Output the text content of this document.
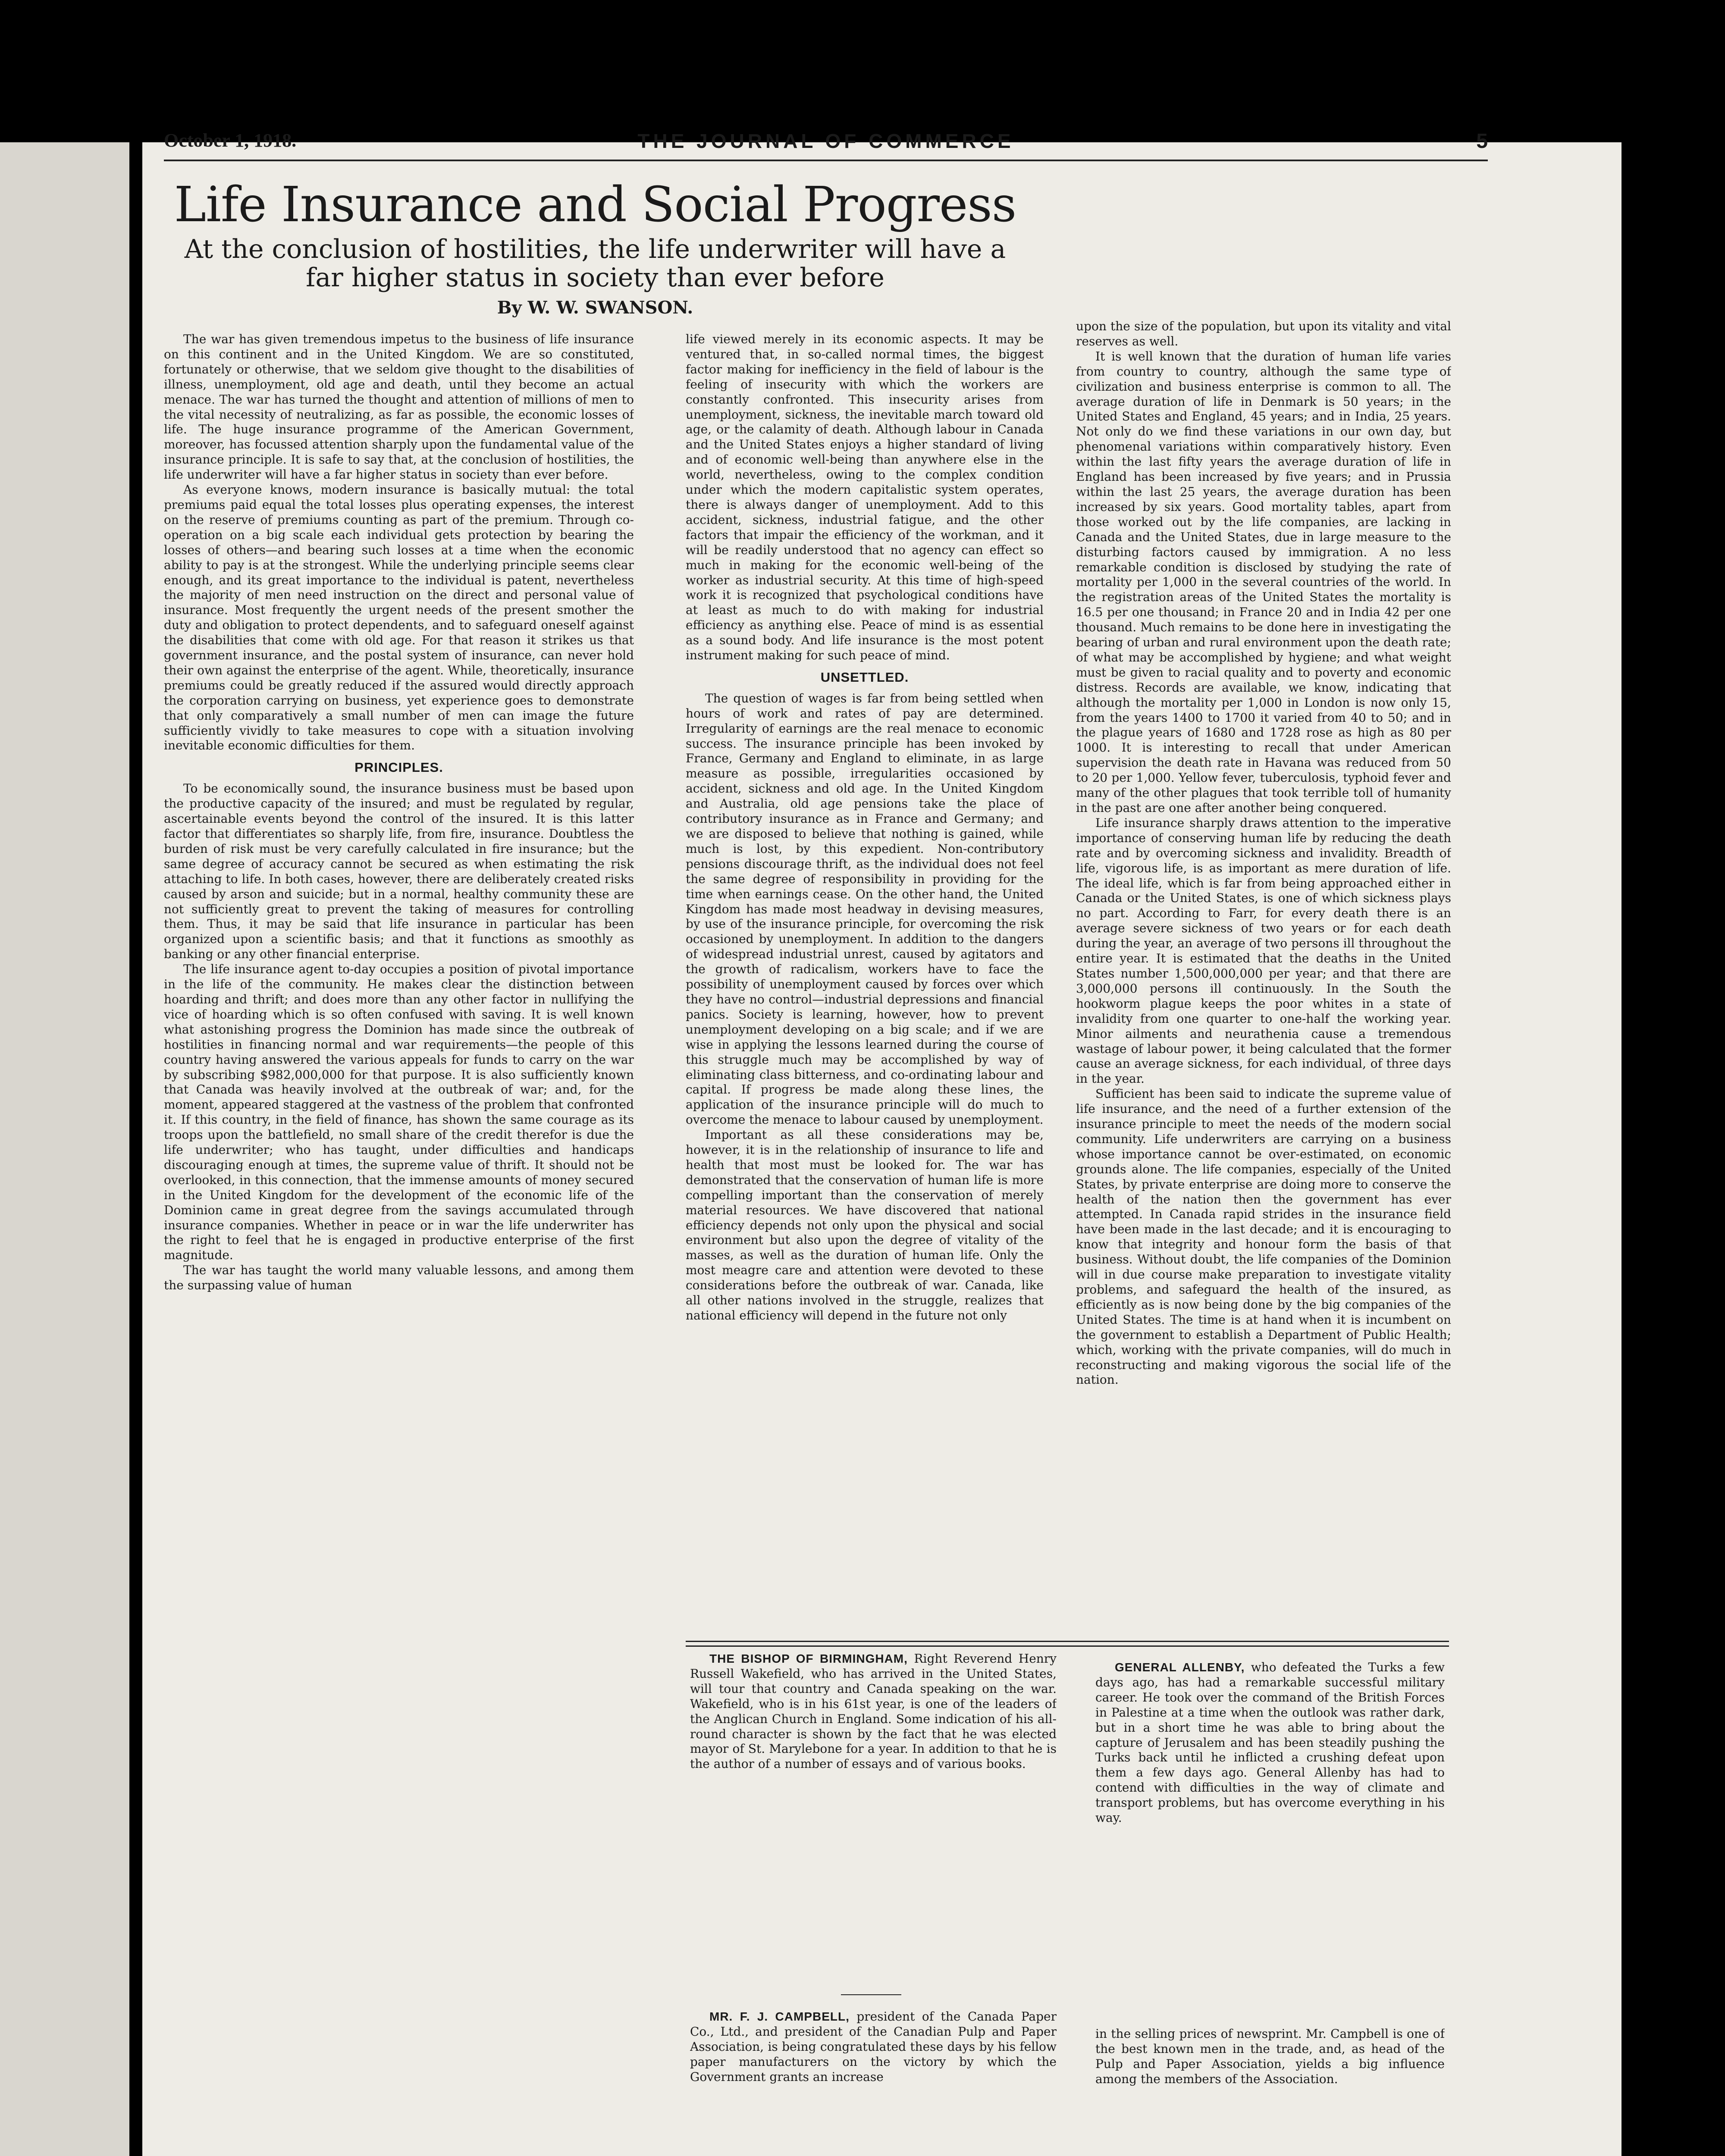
October 1, 1918.	THE JOURNAL OF COMMERCE	5
Life Insurance and Social Progress
At the conclusion of hostilities, the life underwriter will have a far higher status in society than ever before
By W. W. SWANSON.

The war has given tremendous impetus to the business of life insurance on this continent and in the United Kingdom. We are so constituted, fortunately or otherwise, that we seldom give thought to the disabilities of illness, unemployment, old age and death, until they become an actual menace. The war has turned the thought and attention of millions of men to the vital necessity of neutralizing, as far as possible, the economic losses of life. The huge insurance programme of the American Government, moreover, has focussed attention sharply upon the fundamental value of the insurance principle. It is safe to say that, at the conclusion of hostilities, the life underwriter will have a far higher status in society than ever before.

As everyone knows, modern insurance is basically mutual: the total premiums paid equal the total losses plus operating expenses, the interest on the reserve of premiums counting as part of the premium. Through co-operation on a big scale each individual gets protection by bearing the losses of others—and bearing such losses at a time when the economic ability to pay is at the strongest. While the underlying principle seems clear enough, and its great importance to the individual is patent, nevertheless the majority of men need instruction on the direct and personal value of insurance. Most frequently the urgent needs of the present smother the duty and obligation to protect dependents, and to safeguard oneself against the disabilities that come with old age. For that reason it strikes us that government insurance, and the postal system of insurance, can never hold their own against the enterprise of the agent. While, theoretically, insurance premiums could be greatly reduced if the assured would directly approach the corporation carrying on business, yet experience goes to demonstrate that only comparatively a small number of men can image the future sufficiently vividly to take measures to cope with a situation involving inevitable economic difficulties for them.

PRINCIPLES.

To be economically sound, the insurance business must be based upon the productive capacity of the insured; and must be regulated by regular, ascertainable events beyond the control of the insured. It is this latter factor that differentiates so sharply life, from fire, insurance. Doubtless the burden of risk must be very carefully calculated in fire insurance; but the same degree of accuracy cannot be secured as when estimating the risk attaching to life. In both cases, however, there are deliberately created risks caused by arson and suicide; but in a normal, healthy community these are not sufficiently great to prevent the taking of measures for controlling them. Thus, it may be said that life insurance in particular has been organized upon a scientific basis; and that it functions as smoothly as banking or any other financial enterprise.

The life insurance agent to-day occupies a position of pivotal importance in the life of the community. He makes clear the distinction between hoarding and thrift; and does more than any other factor in nullifying the vice of hoarding which is so often confused with saving. It is well known what astonishing progress the Dominion has made since the outbreak of hostilities in financing normal and war requirements—the people of this country having answered the various appeals for funds to carry on the war by subscribing $982,000,000 for that purpose. It is also sufficiently known that Canada was heavily involved at the outbreak of war; and, for the moment, appeared staggered at the vastness of the problem that confronted it. If this country, in the field of finance, has shown the same courage as its troops upon the battlefield, no small share of the credit therefor is due the life underwriter; who has taught, under difficulties and handicaps discouraging enough at times, the supreme value of thrift. It should not be overlooked, in this connection, that the immense amounts of money secured in the United Kingdom for the development of the economic life of the Dominion came in great degree from the savings accumulated through insurance companies. Whether in peace or in war the life underwriter has the right to feel that he is engaged in productive enterprise of the first magnitude.

The war has taught the world many valuable lessons, and among them the surpassing value of human

life viewed merely in its economic aspects. It may be ventured that, in so-called normal times, the biggest factor making for inefficiency in the field of labour is the feeling of insecurity with which the workers are constantly confronted. This insecurity arises from unemployment, sickness, the inevitable march toward old age, or the calamity of death. Although labour in Canada and the United States enjoys a higher standard of living and of economic well-being than anywhere else in the world, nevertheless, owing to the complex condition under which the modern capitalistic system operates, there is always danger of unemployment. Add to this accident, sickness, industrial fatigue, and the other factors that impair the efficiency of the workman, and it will be readily understood that no agency can effect so much in making for the economic well-being of the worker as industrial security. At this time of high-speed work it is recognized that psychological conditions have at least as much to do with making for industrial efficiency as anything else. Peace of mind is as essential as a sound body. And life insurance is the most potent instrument making for such peace of mind.

UNSETTLED.

The question of wages is far from being settled when hours of work and rates of pay are determined. Irregularity of earnings are the real menace to economic success. The insurance principle has been invoked by France, Germany and England to eliminate, in as large measure as possible, irregularities occasioned by accident, sickness and old age. In the United Kingdom and Australia, old age pensions take the place of contributory insurance as in France and Germany; and we are disposed to believe that nothing is gained, while much is lost, by this expedient. Non-contributory pensions discourage thrift, as the individual does not feel the same degree of responsibility in providing for the time when earnings cease. On the other hand, the United Kingdom has made most headway in devising measures, by use of the insurance principle, for overcoming the risk occasioned by unemployment. In addition to the dangers of widespread industrial unrest, caused by agitators and the growth of radicalism, workers have to face the possibility of unemployment caused by forces over which they have no control—industrial depressions and financial panics. Society is learning, however, how to prevent unemployment developing on a big scale; and if we are wise in applying the lessons learned during the course of this struggle much may be accomplished by way of eliminating class bitterness, and co-ordinating labour and capital. If progress be made along these lines, the application of the insurance principle will do much to overcome the menace to labour caused by unemployment.

Important as all these considerations may be, however, it is in the relationship of insurance to life and health that most must be looked for. The war has demonstrated that the conservation of human life is more compelling important than the conservation of merely material resources. We have discovered that national efficiency depends not only upon the physical and social environment but also upon the degree of vitality of the masses, as well as the duration of human life. Only the most meagre care and attention were devoted to these considerations before the outbreak of war. Canada, like all other nations involved in the struggle, realizes that national efficiency will depend in the future not only

upon the size of the population, but upon its vitality and vital reserves as well.

It is well known that the duration of human life varies from country to country, although the same type of civilization and business enterprise is common to all. The average duration of life in Denmark is 50 years; in the United States and England, 45 years; and in India, 25 years. Not only do we find these variations in our own day, but phenomenal variations within comparatively history. Even within the last fifty years the average duration of life in England has been increased by five years; and in Prussia within the last 25 years, the average duration has been increased by six years. Good mortality tables, apart from those worked out by the life companies, are lacking in Canada and the United States, due in large measure to the disturbing factors caused by immigration. A no less remarkable condition is disclosed by studying the rate of mortality per 1,000 in the several countries of the world. In the registration areas of the United States the mortality is 16.5 per one thousand; in France 20 and in India 42 per one thousand. Much remains to be done here in investigating the bearing of urban and rural environment upon the death rate; of what may be accomplished by hygiene; and what weight must be given to racial quality and to poverty and economic distress. Records are available, we know, indicating that although the mortality per 1,000 in London is now only 15, from the years 1400 to 1700 it varied from 40 to 50; and in the plague years of 1680 and 1728 rose as high as 80 per 1000. It is interesting to recall that under American supervision the death rate in Havana was reduced from 50 to 20 per 1,000. Yellow fever, tuberculosis, typhoid fever and many of the other plagues that took terrible toll of humanity in the past are one after another being conquered.

Life insurance sharply draws attention to the imperative importance of conserving human life by reducing the death rate and by overcoming sickness and invalidity. Breadth of life, vigorous life, is as important as mere duration of life. The ideal life, which is far from being approached either in Canada or the United States, is one of which sickness plays no part. According to Farr, for every death there is an average severe sickness of two years or for each death during the year, an average of two persons ill throughout the entire year. It is estimated that the deaths in the United States number 1,500,000,000 per year; and that there are 3,000,000 persons ill continuously. In the South the hookworm plague keeps the poor whites in a state of invalidity from one quarter to one-half the working year. Minor ailments and neurathenia cause a tremendous wastage of labour power, it being calculated that the former cause an average sickness, for each individual, of three days in the year.

Sufficient has been said to indicate the supreme value of life insurance, and the need of a further extension of the insurance principle to meet the needs of the modern social community. Life underwriters are carrying on a business whose importance cannot be over-estimated, on economic grounds alone. The life companies, especially of the United States, by private enterprise are doing more to conserve the health of the nation then the government has ever attempted. In Canada rapid strides in the insurance field have been made in the last decade; and it is encouraging to know that integrity and honour form the basis of that business. Without doubt, the life companies of the Dominion will in due course make preparation to investigate vitality problems, and safeguard the health of the insured, as efficiently as is now being done by the big companies of the United States. The time is at hand when it is incumbent on the government to establish a Department of Public Health; which, working with the private companies, will do much in reconstructing and making vigorous the social life of the nation.

THE BISHOP OF BIRMINGHAM, Right Reverend Henry Russell Wakefield, who has arrived in the United States, will tour that country and Canada speaking on the war. Wakefield, who is in his 61st year, is one of the leaders of the Anglican Church in England. Some indication of his all-round character is shown by the fact that he was elected mayor of St. Marylebone for a year. In addition to that he is the author of a number of essays and of various books.

MR. F. J. CAMPBELL, president of the Canada Paper Co., Ltd., and president of the Canadian Pulp and Paper Association, is being congratulated these days by his fellow paper manufacturers on the victory by which the Government grants an increase

GENERAL ALLENBY, who defeated the Turks a few days ago, has had a remarkable successful military career. He took over the command of the British Forces in Palestine at a time when the outlook was rather dark, but in a short time he was able to bring about the capture of Jerusalem and has been steadily pushing the Turks back until he inflicted a crushing defeat upon them a few days ago. General Allenby has had to contend with difficulties in the way of climate and transport problems, but has overcome everything in his way.

in the selling prices of newsprint. Mr. Campbell is one of the best known men in the trade, and, as head of the Pulp and Paper Association, yields a big influence among the members of the Association.
